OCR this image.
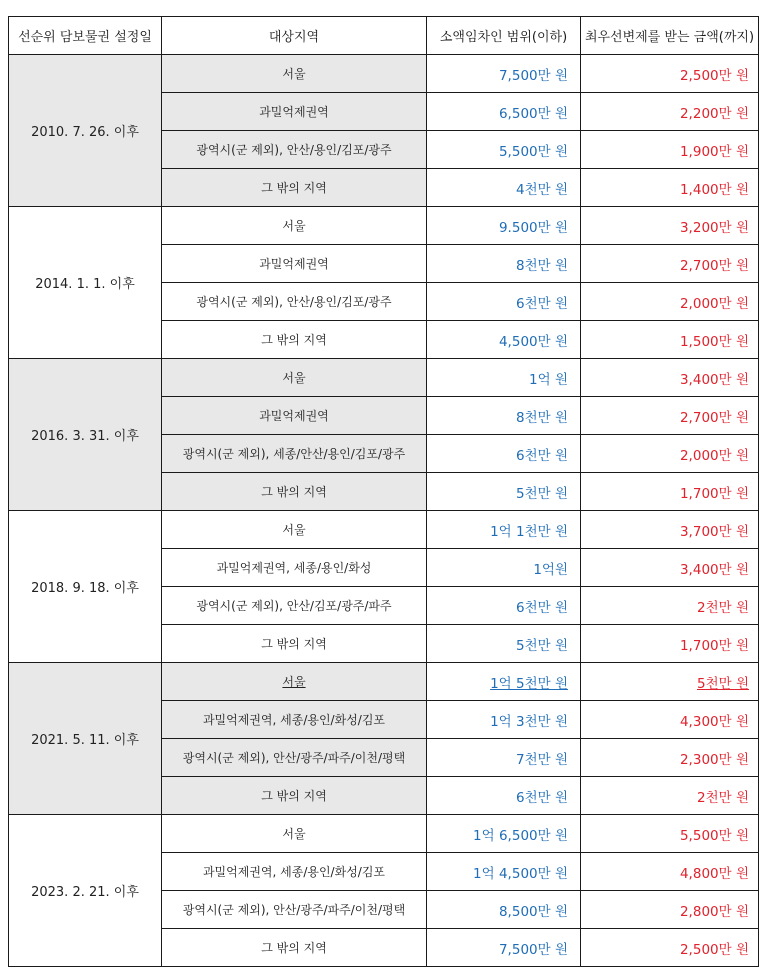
선순위 담보물권 설정일	대상지역	소액임차인 범위(이하)	최우선변제를 받는 금액(까지)
2010. 7. 26. 이후	서울	7,500만 원	2,500만 원
	과밀억제권역	6,500만 원	2,200만 원
	광역시(군 제외), 안산/용인/김포/광주	5,500만 원	1,900만 원
	그 밖의 지역	4천만 원	1,400만 원
2014. 1. 1. 이후	서울	9.500만 원	3,200만 원
	과밀억제권역	8천만 원	2,700만 원
	광역시(군 제외), 안산/용인/김포/광주	6천만 원	2,000만 원
	그 밖의 지역	4,500만 원	1,500만 원
2016. 3. 31. 이후	서울	1억 원	3,400만 원
	과밀억제권역	8천만 원	2,700만 원
	광역시(군 제외), 세종/안산/용인/김포/광주	6천만 원	2,000만 원
	그 밖의 지역	5천만 원	1,700만 원
2018. 9. 18. 이후	서울	1억 1천만 원	3,700만 원
	과밀억제권역, 세종/용인/화성	1억원	3,400만 원
	광역시(군 제외), 안산/김포/광주/파주	6천만 원	2천만 원
	그 밖의 지역	5천만 원	1,700만 원
2021. 5. 11. 이후	서울	1억 5천만 원	5천만 원
	과밀억제권역, 세종/용인/화성/김포	1억 3천만 원	4,300만 원
	광역시(군 제외), 안산/광주/파주/이천/평택	7천만 원	2,300만 원
	그 밖의 지역	6천만 원	2천만 원
2023. 2. 21. 이후	서울	1억 6,500만 원	5,500만 원
	과밀억제권역, 세종/용인/화성/김포	1억 4,500만 원	4,800만 원
	광역시(군 제외), 안산/광주/파주/이천/평택	8,500만 원	2,800만 원
	그 밖의 지역	7,500만 원	2,500만 원
